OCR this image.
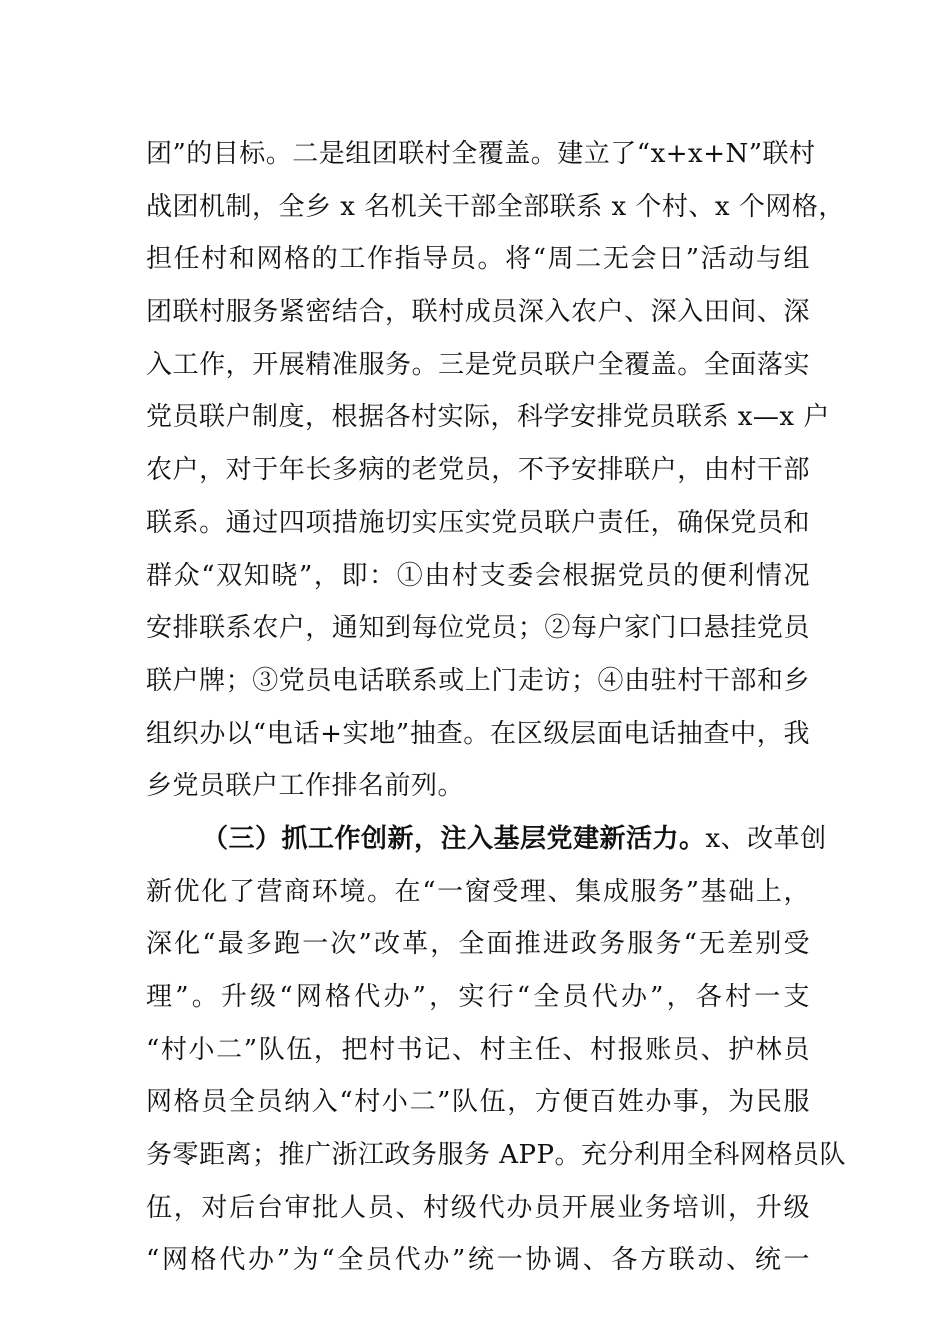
团”的目标。二是组团联村全覆盖。建立了“x+x+N”联村
战团机制，全乡 x 名机关干部全部联系 x 个村、x 个网格，
担任村和网格的工作指导员。将“周二无会日”活动与组
团联村服务紧密结合，联村成员深入农户、深入田间、深
入工作，开展精准服务。三是党员联户全覆盖。全面落实
党员联户制度，根据各村实际，科学安排党员联系 x—x 户
农户，对于年长多病的老党员，不予安排联户，由村干部
联系。通过四项措施切实压实党员联户责任，确保党员和
群众“双知晓”，即：①由村支委会根据党员的便利情况
安排联系农户，通知到每位党员；②每户家门口悬挂党员
联户牌；③党员电话联系或上门走访；④由驻村干部和乡
组织办以“电话+实地”抽查。在区级层面电话抽查中，我
乡党员联户工作排名前列。
（三）抓工作创新，注入基层党建新活力。x、改革创
新优化了营商环境。在“一窗受理、集成服务”基础上，
深化“最多跑一次”改革，全面推进政务服务“无差别受
理”。升级“网格代办”，实行“全员代办”，各村一支
“村小二”队伍，把村书记、村主任、村报账员、护林员
网格员全员纳入“村小二”队伍，方便百姓办事，为民服
务零距离；推广浙江政务服务 APP。充分利用全科网格员队
伍，对后台审批人员、村级代办员开展业务培训，升级
“网格代办”为“全员代办”统一协调、各方联动、统一
